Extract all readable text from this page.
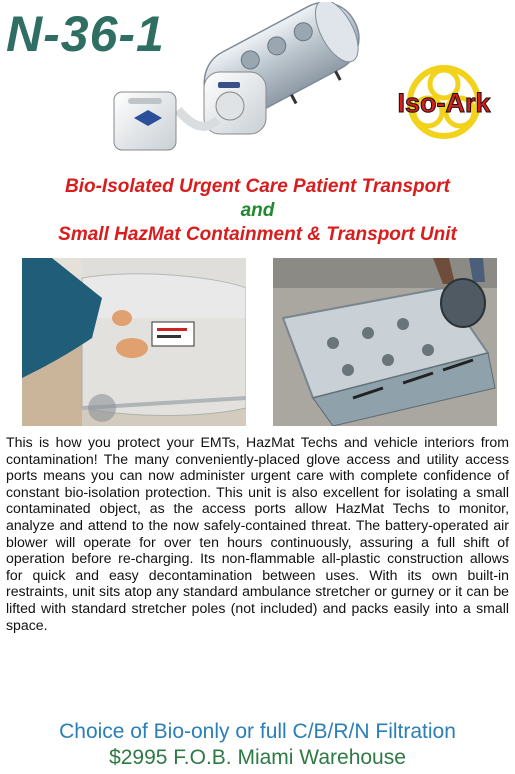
N-36-1
Iso-Ark
Bio-Isolated Urgent Care Patient Transport
and
Small HazMat Containment & Transport Unit

This is how you protect your EMTs, HazMat Techs and vehicle interiors from contamination! The many conveniently-placed glove access and utility access ports means you can now administer urgent care with complete confidence of constant bio-isolation protection. This unit is also excellent for isolating a small contaminated object, as the access ports allow HazMat Techs to monitor, analyze and attend to the now safely-contained threat. The battery-operated air blower will operate for over ten hours continuously, assuring a full shift of operation before re-charging. Its non-flammable all-plastic construction allows for quick and easy decontamination between uses. With its own built-in restraints, unit sits atop any standard ambulance stretcher or gurney or it can be lifted with standard stretcher poles (not included) and packs easily into a small space.

Choice of Bio-only or full C/B/R/N Filtration
$2995 F.O.B. Miami Warehouse
